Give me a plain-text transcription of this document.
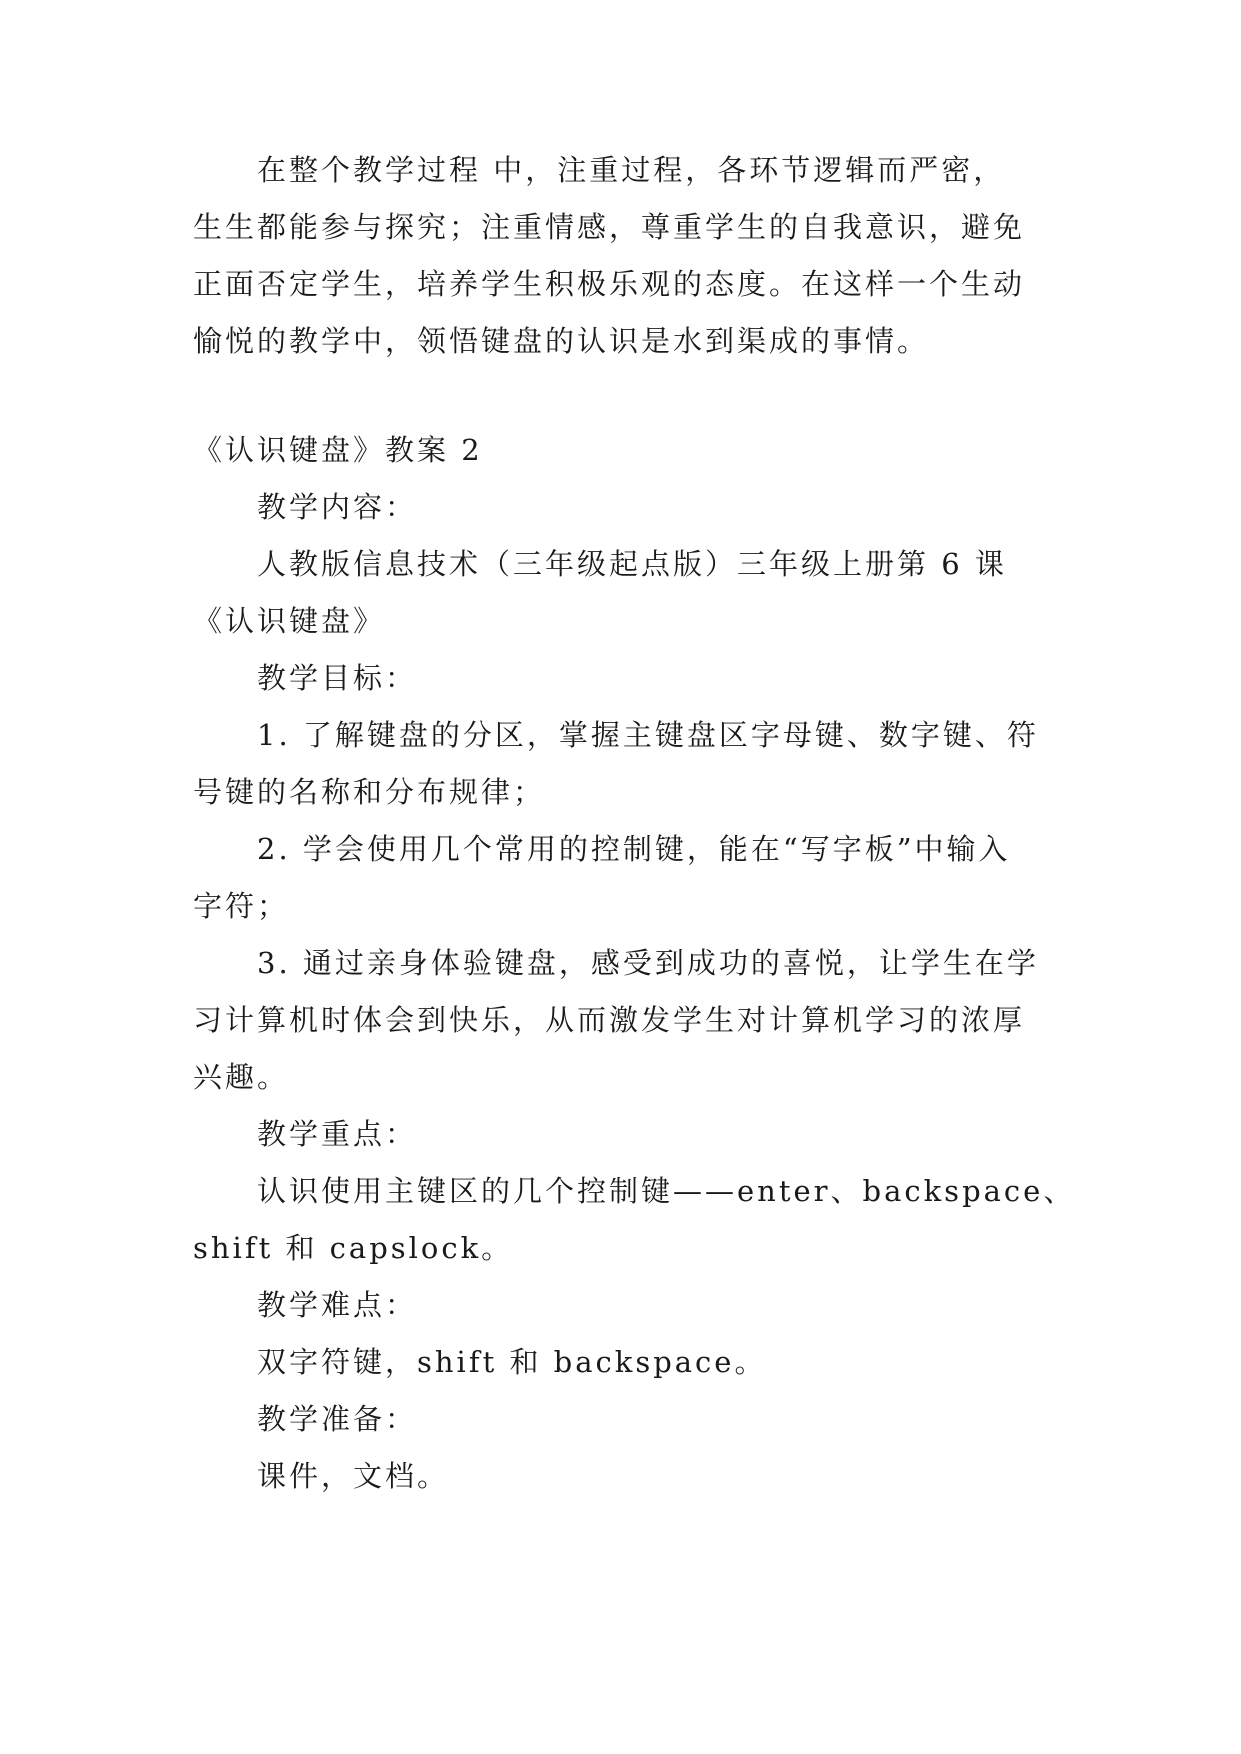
在整个教学过程 中，注重过程，各环节逻辑而严密，
生生都能参与探究；注重情感，尊重学生的自我意识，避免
正面否定学生，培养学生积极乐观的态度。在这样一个生动
愉悦的教学中，领悟键盘的认识是水到渠成的事情。
《认识键盘》教案 2
教学内容：
人教版信息技术（三年级起点版）三年级上册第 6 课
《认识键盘》
教学目标：
1. 了解键盘的分区，掌握主键盘区字母键、数字键、符
号键的名称和分布规律；
2. 学会使用几个常用的控制键，能在“写字板”中输入
字符；
3. 通过亲身体验键盘，感受到成功的喜悦，让学生在学
习计算机时体会到快乐，从而激发学生对计算机学习的浓厚
兴趣。
教学重点：
认识使用主键区的几个控制键——enter、backspace、
shift 和 capslock。
教学难点：
双字符键，shift 和 backspace。
教学准备：
课件，文档。
